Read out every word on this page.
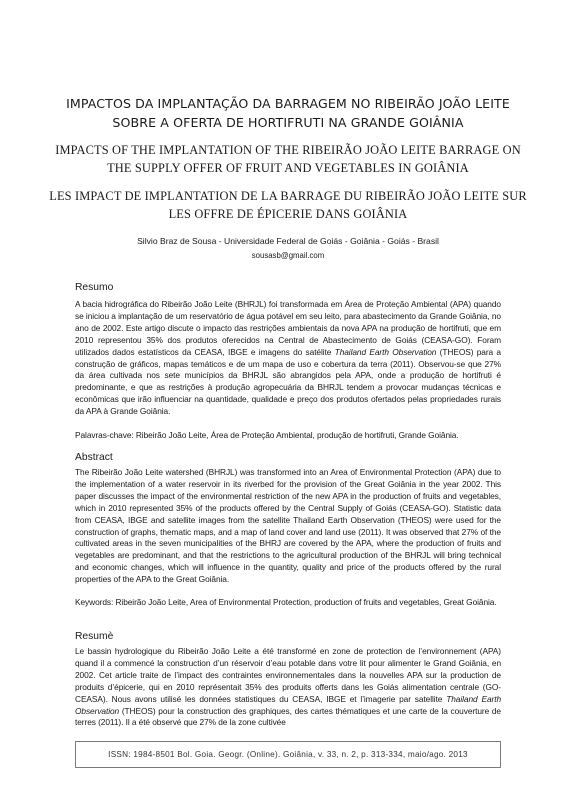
IMPACTOS DA IMPLANTAÇÃO DA BARRAGEM NO RIBEIRÃO JOÃO LEITE SOBRE A OFERTA DE HORTIFRUTI NA GRANDE GOIÂNIA
IMPACTS OF THE IMPLANTATION OF THE RIBEIRÃO JOÃO LEITE BARRAGE ON THE SUPPLY OFFER OF FRUIT AND VEGETABLES IN GOIÂNIA
LES IMPACT DE IMPLANTATION DE LA BARRAGE DU RIBEIRÃO JOÃO LEITE SUR LES OFFRE DE ÉPICERIE DANS GOIÂNIA
Silvio Braz de Sousa - Universidade Federal de Goiás - Goiânia - Goiás - Brasil
sousasb@gmail.com
Resumo
A bacia hidrográfica do Ribeirão João Leite (BHRJL) foi transformada em Área de Proteção Ambiental (APA) quando se iniciou a implantação de um reservatório de água potável em seu leito, para abastecimento da Grande Goiânia, no ano de 2002. Este artigo discute o impacto das restrições ambientais da nova APA na produção de hortifruti, que em 2010 representou 35% dos produtos oferecidos na Central de Abastecimento de Goiás (CEASA-GO). Foram utilizados dados estatísticos da CEASA, IBGE e imagens do satélite Thailand Earth Observation (THEOS) para a construção de gráficos, mapas temáticos e de um mapa de uso e cobertura da terra (2011). Observou-se que 27% da área cultivada nos sete municípios da BHRJL são abrangidos pela APA, onde a produção de hortifruti é predominante, e que as restrições à produção agropecuária da BHRJL tendem a provocar mudanças técnicas e econômicas que irão influenciar na quantidade, qualidade e preço dos produtos ofertados pelas propriedades rurais da APA à Grande Goiânia.
Palavras-chave: Ribeirão João Leite, Área de Proteção Ambiental, produção de hortifruti, Grande Goiânia.
Abstract
The Ribeirão João Leite watershed (BHRJL) was transformed into an Area of Environmental Protection (APA) due to the implementation of a water reservoir in its riverbed for the provision of the Great Goiânia in the year 2002. This paper discusses the impact of the environmental restriction of the new APA in the production of fruits and vegetables, which in 2010 represented 35% of the products offered by the Central Supply of Goiás (CEASA-GO). Statistic data from CEASA, IBGE and satellite images from the satellite Thailand Earth Observation (THEOS) were used for the construction of graphs, thematic maps, and a map of land cover and land use (2011). It was observed that 27% of the cultivated areas in the seven municipalities of the BHRJ are covered by the APA, where the production of fruits and vegetables are predominant, and that the restrictions to the agricultural production of the BHRJL will bring technical and economic changes, which will influence in the quantity, quality and price of the products offered by the rural properties of the APA to the Great Goiânia.
Keywords: Ribeirão João Leite, Area of Environmental Protection, production of fruits and vegetables, Great Goiânia.
Resumè
Le bassin hydrologique du Ribeirão João Leite a été transformé en zone de protection de l’environnement (APA) quand il a commencé la construction d’un réservoir d’eau potable dans votre lit pour alimenter le Grand Goiânia, en 2002. Cet article traite de l’impact des contraintes environnementales dans la nouvelles APA sur la production de produits d’épicerie, qui en 2010 représentait 35% des produits offerts dans les Goiás alimentation centrale (GO-CEASA). Nous avons utilisé les données statistiques du CEASA, IBGE et l’imagerie par satellite Thailand Earth Observation (THEOS) pour la construction des graphiques, des cartes thématiques et une carte de la couverture de terres (2011). Il a été observé que 27% de la zone cultivée
ISSN: 1984-8501 Bol. Goia. Geogr. (Online). Goiânia, v. 33, n. 2, p. 313-334, maio/ago. 2013
